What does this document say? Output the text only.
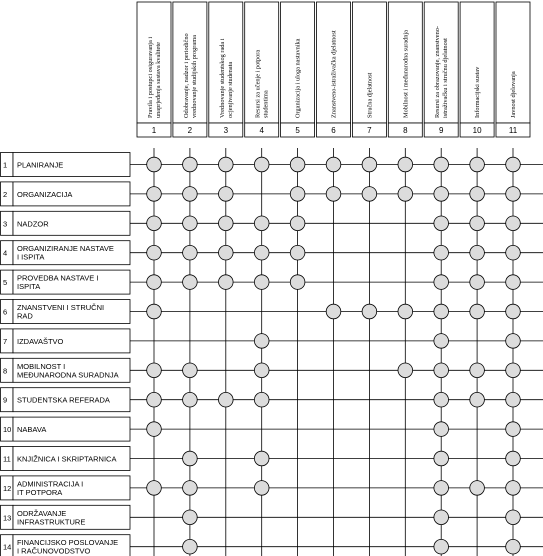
1
Pravila i postupci osiguravanja i unaprjeđenja sustava kvalitete
2
Odobravanje, nadzor i periodično vrednovanje studijskih programa
3
Vrednovanje studentskog rada i ocjenjivanje studenata
4
Resursi za učenje i potpora studentima
5
Organizacija i uloga nastavnika
6
Znanstveno-istraživačka djelatnost
7
Stručna djelatnost
8
Mobilnost i međunarodna suradnja
9
Resursi za obrazovanje, znanstveno- istraživačku i stručnu djelatnost
10
Informacijski sustav
11
Javnost djelovanja
1 PLANIRANJE
2 ORGANIZACIJA
3 NADZOR
4 ORGANIZIRANJE NASTAVE
I ISPITA
5 PROVEDBA NASTAVE I
ISPITA
6 ZNANSTVENI I STRUČNI
RAD
7 IZDAVAŠTVO
8 MOBILNOST I
MEĐUNARODNA SURADNJA
9 STUDENTSKA REFERADA
10 NABAVA
11 KNJIŽNICA I SKRIPTARNICA
12 ADMINISTRACIJA I
IT POTPORA
13 ODRŽAVANJE
INFRASTRUKTURE
14 FINANCIJSKO POSLOVANJE
I RAČUNOVODSTVO
